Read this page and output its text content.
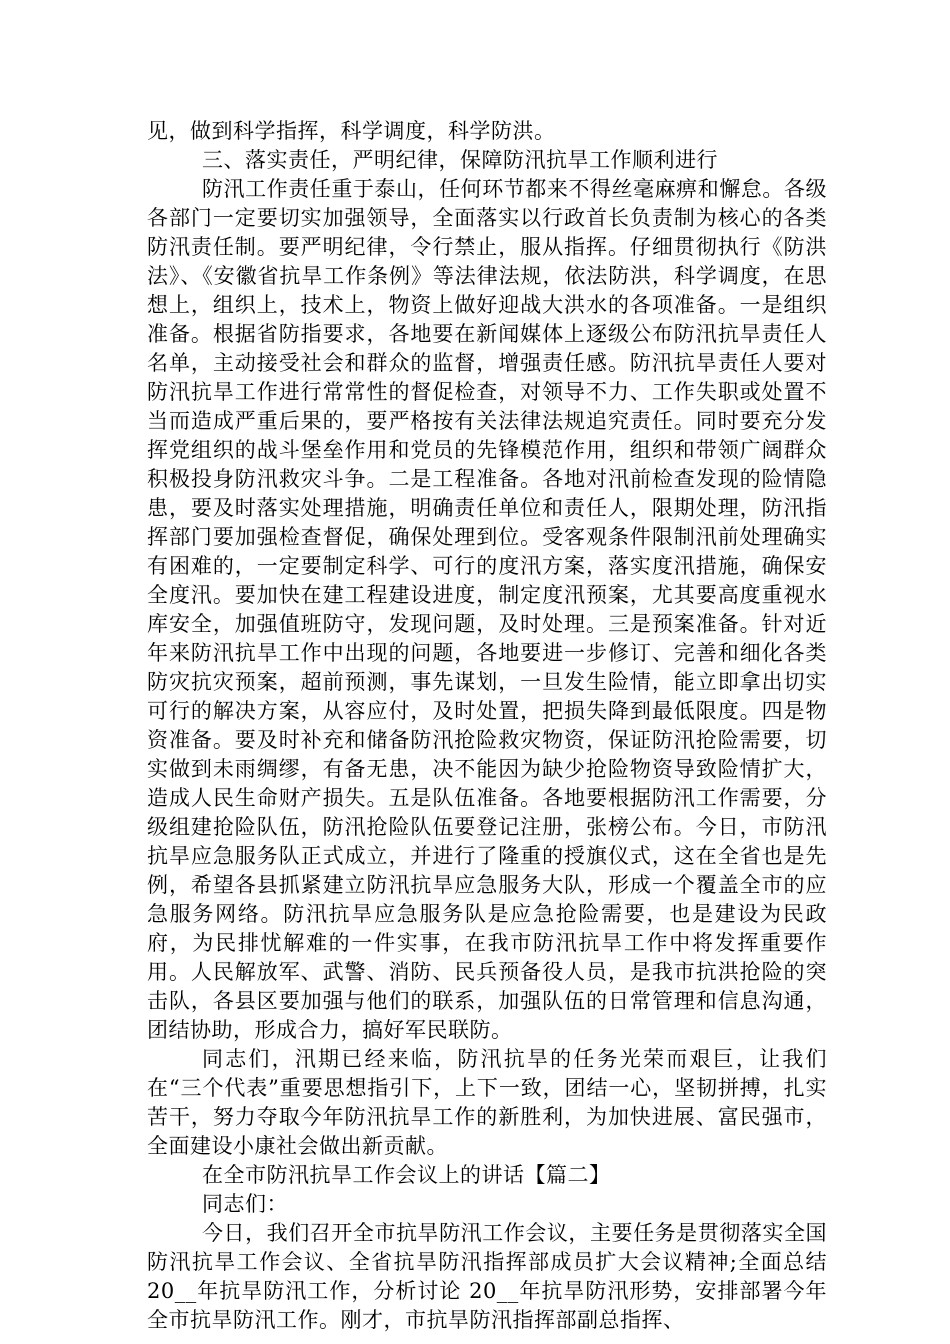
见，做到科学指挥，科学调度，科学防洪。

三、落实责任，严明纪律，保障防汛抗旱工作顺利进行

防汛工作责任重于泰山，任何环节都来不得丝毫麻痹和懈怠。各级各部门一定要切实加强领导，全面落实以行政首长负责制为核心的各类防汛责任制。要严明纪律，令行禁止，服从指挥。仔细贯彻执行《防洪法》、《安徽省抗旱工作条例》等法律法规，依法防洪，科学调度，在思想上，组织上，技术上，物资上做好迎战大洪水的各项准备。一是组织准备。根据省防指要求，各地要在新闻媒体上逐级公布防汛抗旱责任人名单，主动接受社会和群众的监督，增强责任感。防汛抗旱责任人要对防汛抗旱工作进行常常性的督促检查，对领导不力、工作失职或处置不当而造成严重后果的，要严格按有关法律法规追究责任。同时要充分发挥党组织的战斗堡垒作用和党员的先锋模范作用，组织和带领广阔群众积极投身防汛救灾斗争。二是工程准备。各地对汛前检查发现的险情隐患，要及时落实处理措施，明确责任单位和责任人，限期处理，防汛指挥部门要加强检查督促，确保处理到位。受客观条件限制汛前处理确实有困难的，一定要制定科学、可行的度汛方案，落实度汛措施，确保安全度汛。要加快在建工程建设进度，制定度汛预案，尤其要高度重视水库安全，加强值班防守，发现问题，及时处理。三是预案准备。针对近年来防汛抗旱工作中出现的问题，各地要进一步修订、完善和细化各类防灾抗灾预案，超前预测，事先谋划，一旦发生险情，能立即拿出切实可行的解决方案，从容应付，及时处置，把损失降到最低限度。四是物资准备。要及时补充和储备防汛抢险救灾物资，保证防汛抢险需要，切实做到未雨绸缪，有备无患，决不能因为缺少抢险物资导致险情扩大，造成人民生命财产损失。五是队伍准备。各地要根据防汛工作需要，分级组建抢险队伍，防汛抢险队伍要登记注册，张榜公布。今日，市防汛抗旱应急服务队正式成立，并进行了隆重的授旗仪式，这在全省也是先例，希望各县抓紧建立防汛抗旱应急服务大队，形成一个覆盖全市的应急服务网络。防汛抗旱应急服务队是应急抢险需要，也是建设为民政府，为民排忧解难的一件实事，在我市防汛抗旱工作中将发挥重要作用。人民解放军、武警、消防、民兵预备役人员，是我市抗洪抢险的突击队，各县区要加强与他们的联系，加强队伍的日常管理和信息沟通，团结协助，形成合力，搞好军民联防。

同志们，汛期已经来临，防汛抗旱的任务光荣而艰巨，让我们在“三个代表”重要思想指引下，上下一致，团结一心，坚韧拼搏，扎实苦干，努力夺取今年防汛抗旱工作的新胜利，为加快进展、富民强市，全面建设小康社会做出新贡献。

在全市防汛抗旱工作会议上的讲话【篇二】

同志们：

今日，我们召开全市抗旱防汛工作会议，主要任务是贯彻落实全国防汛抗旱工作会议、全省抗旱防汛指挥部成员扩大会议精神;全面总结 20__年抗旱防汛工作，分析讨论 20__年抗旱防汛形势，安排部署今年全市抗旱防汛工作。刚才，市抗旱防汛指挥部副总指挥、
